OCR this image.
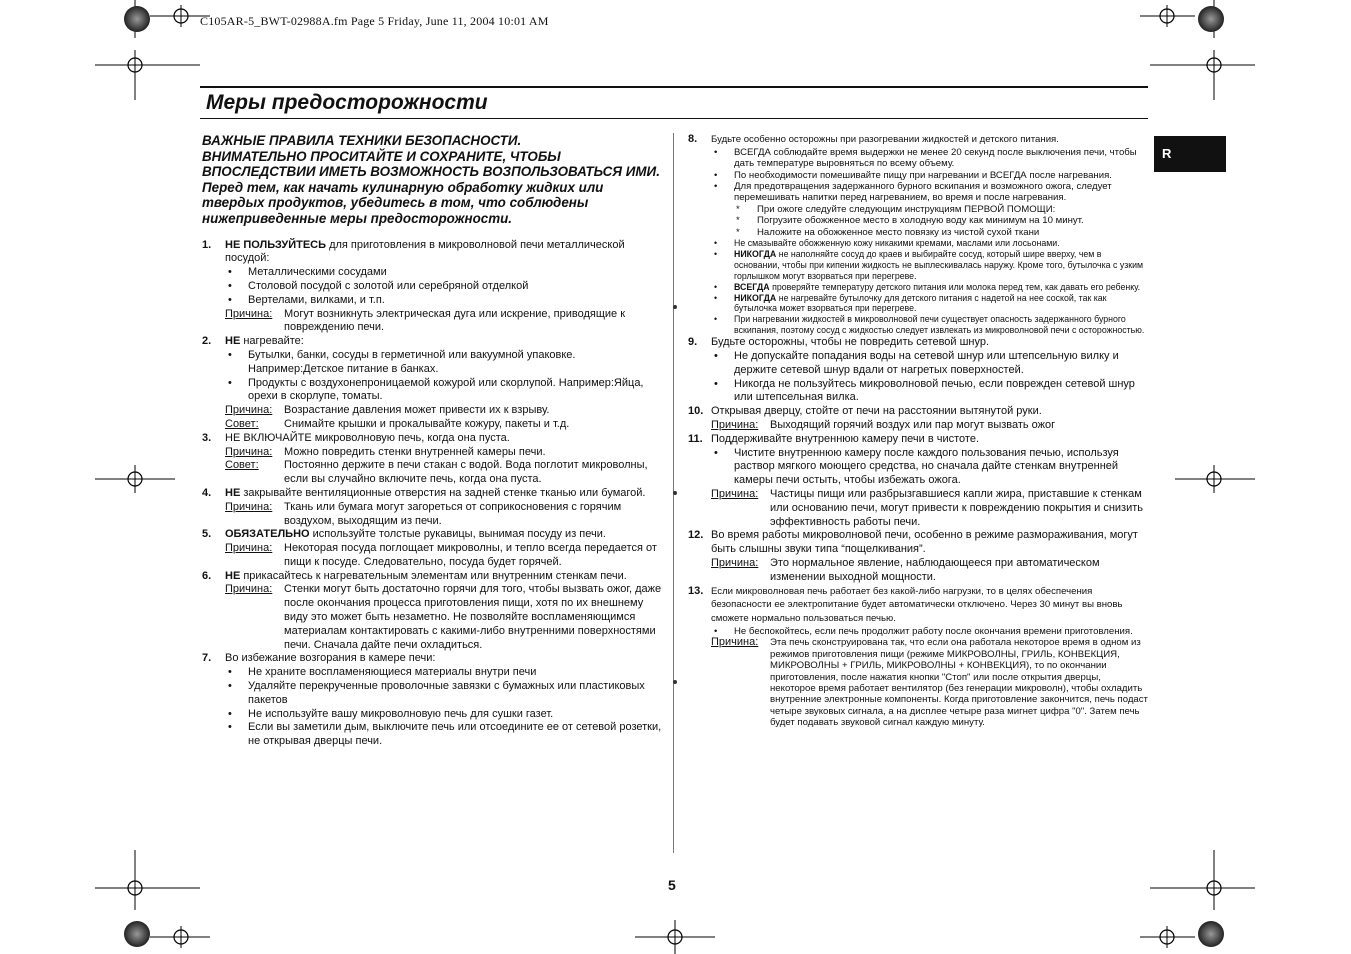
C105AR-5_BWT-02988A.fm Page 5 Friday, June 11, 2004 10:01 AM
Меры предосторожности
R
ВАЖНЫЕ ПРАВИЛА ТЕХНИКИ БЕЗОПАСНОСТИ.
ВНИМАТЕЛЬНО ПРОСИТАЙТЕ И СОХРАНИТЕ, ЧТОБЫ ВПОСЛЕДСТВИИ ИМЕТЬ ВОЗМОЖНОСТЬ ВОЗПОЛЬЗОВАТЬСЯ ИМИ.
Перед тем, как начать кулинарную обработку жидких или твердых продуктов, убедитесь в том, что соблюдены нижеприведенные меры предосторожности.
1. НЕ ПОЛЬЗУЙТЕСЬ для приготовления в микроволновой печи металлической посудой:
• Металлическими сосудами
• Столовой посудой с золотой или серебряной отделкой
• Вертелами, вилками, и т.п.
Причина: Могут возникнуть электрическая дуга или искрение, приводящие к повреждению печи.
2. НЕ нагревайте:
• Бутылки, банки, сосуды в герметичной или вакуумной упаковке. Например:Детское питание в банках.
• Продукты с воздухонепроницаемой кожурой или скорлупой. Например:Яйца, орехи в скорлупе, томаты.
Причина: Возрастание давления может привести их к взрыву.
Совет: Снимайте крышки и прокалывайте кожуру, пакеты и т.д.
3. НЕ ВКЛЮЧАЙТЕ микроволновую печь, когда она пуста.
Причина: Можно повредить стенки внутренней камеры печи.
Совет: Постоянно держите в печи стакан с водой. Вода поглотит микроволны, если вы случайно включите печь, когда она пуста.
4. НЕ закрывайте вентиляционные отверстия на задней стенке тканью или бумагой.
Причина: Ткань или бумага могут загореться от соприкосновения с горячим воздухом, выходящим из печи.
5. ОБЯЗАТЕЛЬНО используйте толстые рукавицы, вынимая посуду из печи.
Причина: Некоторая посуда поглощает микроволны, и тепло всегда передается от пищи к посуде. Следовательно, посуда будет горячей.
6. НЕ прикасайтесь к нагревательным элементам или внутренним стенкам печи.
Причина: Стенки могут быть достаточно горячи для того, чтобы вызвать ожог, даже после окончания процесса приготовления пищи, хотя по их внешнему виду это может быть незаметно. Не позволяйте воспламеняющимся материалам контактировать с какими-либо внутренними поверхностями печи. Сначала дайте печи охладиться.
7. Во избежание возгорания в камере печи:
• Не храните воспламеняющиеся материалы внутри печи
• Удаляйте перекрученные проволочные завязки с бумажных или пластиковых пакетов
• Не используйте вашу микроволновую печь для сушки газет.
• Если вы заметили дым, выключите печь или отсоедините ее от сетевой розетки, не открывая дверцы печи.
8. Будьте особенно осторожны при разогревании жидкостей и детского питания.
• ВСЕГДА соблюдайте время выдержки не менее 20 секунд после выключения печи, чтобы дать температуре выровняться по всему объему.
• По необходимости помешивайте пищу при нагревании и ВСЕГДА после нагревания.
• Для предотвращения задержанного бурного вскипания и возможного ожога, следует перемешивать напитки перед нагреванием, во время и после нагревания.
* При ожоге следуйте следующим инструкциям ПЕРВОЙ ПОМОЩИ:
* Погрузите обожженное место в холодную воду как минимум на 10 минут.
* Наложите на обожженное место повязку из чистой сухой ткани
• Не смазывайте обожженную кожу никакими кремами, маслами или лосьонами.
• НИКОГДА не наполняйте сосуд до краев и выбирайте сосуд, который шире вверху, чем в основании, чтобы при кипении жидкость не выплескивалась наружу. Кроме того, бутылочка с узким горлышком могут взорваться при перегреве.
• ВСЕГДА проверяйте температуру детского питания или молока перед тем, как давать его ребенку.
• НИКОГДА не нагревайте бутылочку для детского питания с надетой на нее соской, так как бутылочка может взорваться при перегреве.
• При нагревании жидкостей в микроволновой печи существует опасность задержанного бурного вскипания, поэтому сосуд с жидкостью следует извлекать из микроволновой печи с осторожностью.
9. Будьте осторожны, чтобы не повредить сетевой шнур.
• Не допускайте попадания воды на сетевой шнур или штепсельную вилку и держите сетевой шнур вдали от нагретых поверхностей.
• Никогда не пользуйтесь микроволновой печью, если поврежден сетевой шнур или штепсельная вилка.
10. Открывая дверцу, стойте от печи на расстоянии вытянутой руки.
Причина: Выходящий горячий воздух или пар могут вызвать ожог
11. Поддерживайте внутреннюю камеру печи в чистоте.
• Чистите внутреннюю камеру после каждого пользования печью, используя раствор мягкого моющего средства, но сначала дайте стенкам внутренней камеры печи остыть, чтобы избежать ожога.
Причина: Частицы пищи или разбрызгавшиеся капли жира, приставшие к стенкам или основанию печи, могут привести к повреждению покрытия и снизить эффективность работы печи.
12. Во время работы микроволновой печи, особенно в режиме размораживания, могут быть слышны звуки типа “пощелкивания”.
Причина: Это нормальное явление, наблюдающееся при автоматическом изменении выходной мощности.
13. Если микроволновая печь работает без какой-либо нагрузки, то в целях обеспечения безопасности ее электропитание будет автоматически отключено. Через 30 минут вы вновь сможете нормально пользоваться печью.
• Не беспокойтесь, если печь продолжит работу после окончания времени приготовления.
Причина: Эта печь сконструирована так, что если она работала некоторое время в одном из режимов приготовления пищи (режиме МИКРОВОЛНЫ, ГРИЛЬ, КОНВЕКЦИЯ, МИКРОВОЛНЫ + ГРИЛЬ, МИКРОВОЛНЫ + КОНВЕКЦИЯ), то по окончании приготовления, после нажатия кнопки "Стоп" или после открытия дверцы, некоторое время работает вентилятор (без генерации микроволн), чтобы охладить внутренние электронные компоненты. Когда приготовление закончится, печь подаст четыре звуковых сигнала, а на дисплее четыре раза мигнет цифра "0". Затем печь будет подавать звуковой сигнал каждую минуту.
5
